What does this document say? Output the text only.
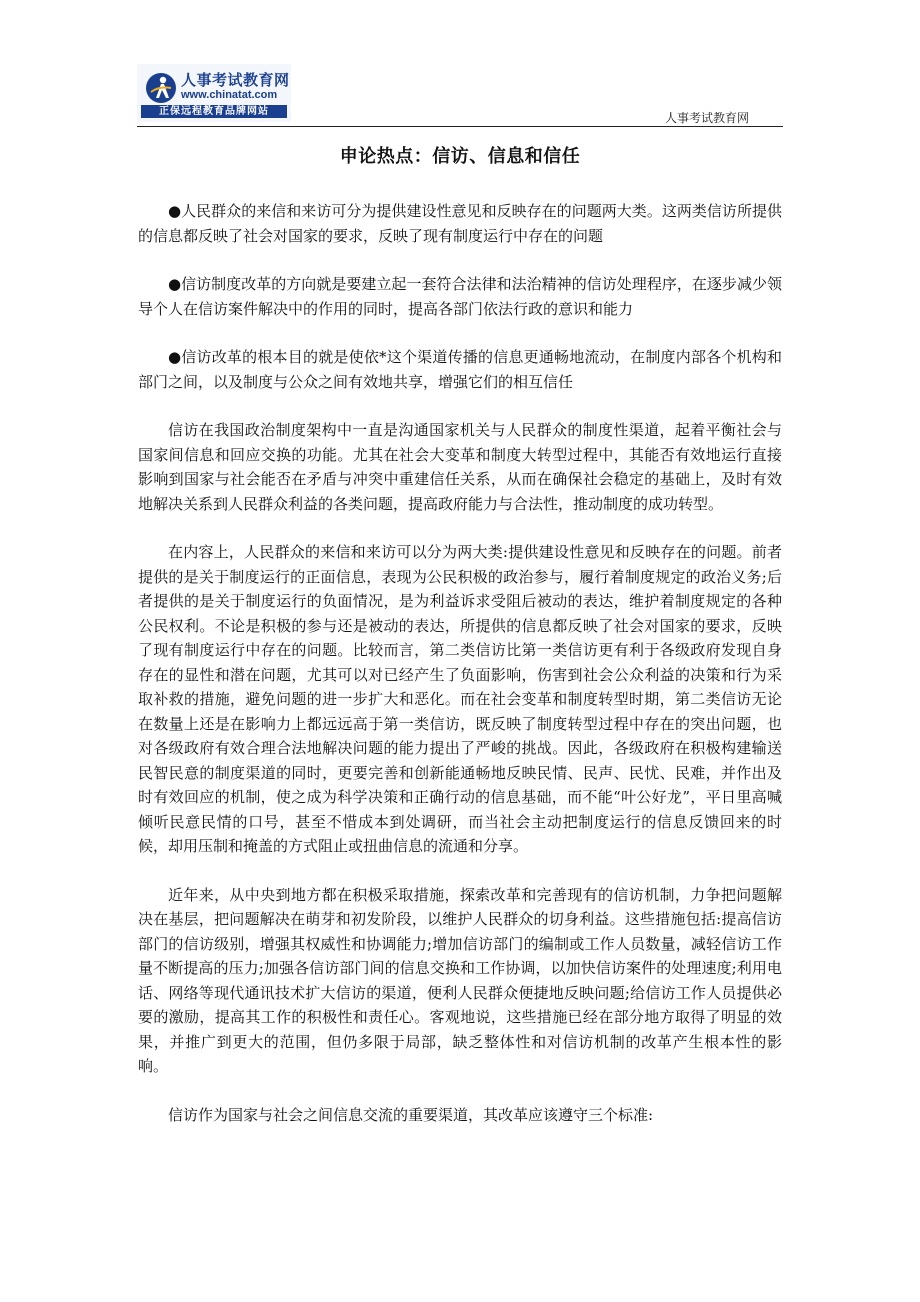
人事考试教育网
www.chinatat.com
正保远程教育品牌网站	人事考试教育网
申论热点：信访、信息和信任

●人民群众的来信和来访可分为提供建设性意见和反映存在的问题两大类。这两类信访所提供的信息都反映了社会对国家的要求，反映了现有制度运行中存在的问题

●信访制度改革的方向就是要建立起一套符合法律和法治精神的信访处理程序，在逐步减少领导个人在信访案件解决中的作用的同时，提高各部门依法行政的意识和能力

●信访改革的根本目的就是使依*这个渠道传播的信息更通畅地流动，在制度内部各个机构和部门之间，以及制度与公众之间有效地共享，增强它们的相互信任

信访在我国政治制度架构中一直是沟通国家机关与人民群众的制度性渠道，起着平衡社会与国家间信息和回应交换的功能。尤其在社会大变革和制度大转型过程中，其能否有效地运行直接影响到国家与社会能否在矛盾与冲突中重建信任关系，从而在确保社会稳定的基础上，及时有效地解决关系到人民群众利益的各类问题，提高政府能力与合法性，推动制度的成功转型。

在内容上，人民群众的来信和来访可以分为两大类:提供建设性意见和反映存在的问题。前者提供的是关于制度运行的正面信息，表现为公民积极的政治参与，履行着制度规定的政治义务;后者提供的是关于制度运行的负面情况，是为利益诉求受阻后被动的表达，维护着制度规定的各种公民权利。不论是积极的参与还是被动的表达，所提供的信息都反映了社会对国家的要求，反映了现有制度运行中存在的问题。比较而言，第二类信访比第一类信访更有利于各级政府发现自身存在的显性和潜在问题，尤其可以对已经产生了负面影响，伤害到社会公众利益的决策和行为采取补救的措施，避免问题的进一步扩大和恶化。而在社会变革和制度转型时期，第二类信访无论在数量上还是在影响力上都远远高于第一类信访，既反映了制度转型过程中存在的突出问题，也对各级政府有效合理合法地解决问题的能力提出了严峻的挑战。因此，各级政府在积极构建输送民智民意的制度渠道的同时，更要完善和创新能通畅地反映民情、民声、民忧、民难，并作出及时有效回应的机制，使之成为科学决策和正确行动的信息基础，而不能“叶公好龙”，平日里高喊倾听民意民情的口号，甚至不惜成本到处调研，而当社会主动把制度运行的信息反馈回来的时候，却用压制和掩盖的方式阻止或扭曲信息的流通和分享。

近年来，从中央到地方都在积极采取措施，探索改革和完善现有的信访机制，力争把问题解决在基层，把问题解决在萌芽和初发阶段，以维护人民群众的切身利益。这些措施包括:提高信访部门的信访级别，增强其权威性和协调能力;增加信访部门的编制或工作人员数量，减轻信访工作量不断提高的压力;加强各信访部门间的信息交换和工作协调，以加快信访案件的处理速度;利用电话、网络等现代通讯技术扩大信访的渠道，便利人民群众便捷地反映问题;给信访工作人员提供必要的激励，提高其工作的积极性和责任心。客观地说，这些措施已经在部分地方取得了明显的效果，并推广到更大的范围，但仍多限于局部，缺乏整体性和对信访机制的改革产生根本性的影响。

信访作为国家与社会之间信息交流的重要渠道，其改革应该遵守三个标准:
